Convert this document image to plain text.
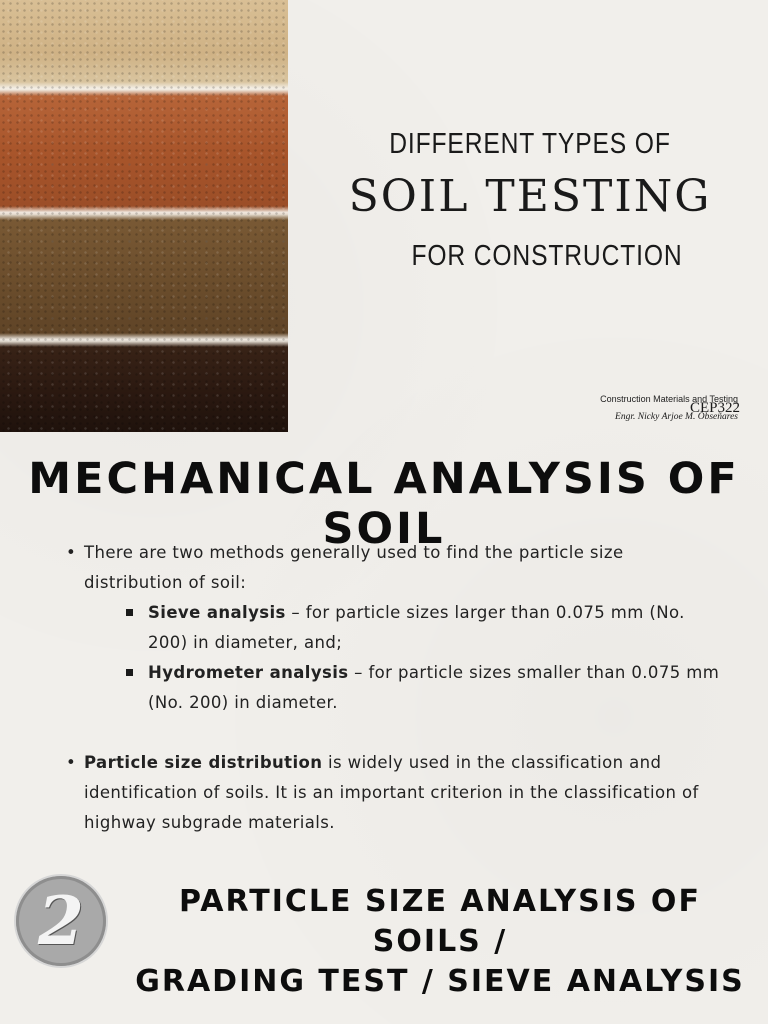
DIFFERENT TYPES OF
SOIL TESTING
FOR CONSTRUCTION
Construction Materials and Testing
CEP322
Engr. Nicky Arjoe M. Obseñares
MECHANICAL ANALYSIS OF SOIL
• There are two methods generally used to find the particle size distribution of soil:
Sieve analysis – for particle sizes larger than 0.075 mm (No. 200) in diameter, and;
Hydrometer analysis – for particle sizes smaller than 0.075 mm (No. 200) in diameter.
• Particle size distribution is widely used in the classification and identification of soils. It is an important criterion in the classification of highway subgrade materials.
2	PARTICLE SIZE ANALYSIS OF SOILS /
GRADING TEST / SIEVE ANALYSIS
